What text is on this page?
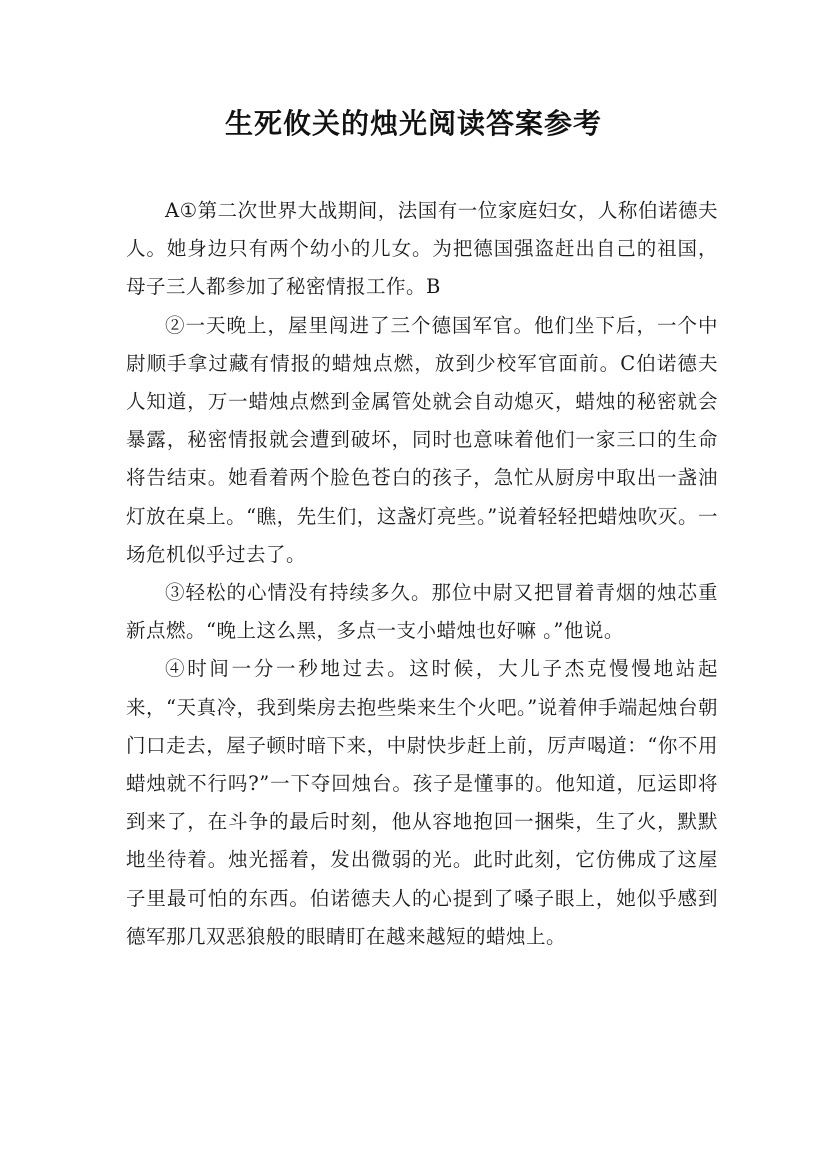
生死攸关的烛光阅读答案参考

A①第二次世界大战期间，法国有一位家庭妇女，人称伯诺德夫人。她身边只有两个幼小的儿女。为把德国强盗赶出自己的祖国，母子三人都参加了秘密情报工作。B

②一天晚上，屋里闯进了三个德国军官。他们坐下后，一个中尉顺手拿过藏有情报的蜡烛点燃，放到少校军官面前。C伯诺德夫人知道，万一蜡烛点燃到金属管处就会自动熄灭，蜡烛的秘密就会暴露，秘密情报就会遭到破坏，同时也意味着他们一家三口的生命将告结束。她看着两个脸色苍白的孩子，急忙从厨房中取出一盏油灯放在桌上。“瞧，先生们，这盏灯亮些。”说着轻轻把蜡烛吹灭。一场危机似乎过去了。

③轻松的心情没有持续多久。那位中尉又把冒着青烟的烛芯重新点燃。“晚上这么黑，多点一支小蜡烛也好嘛 。”他说。

④时间一分一秒地过去。这时候，大儿子杰克慢慢地站起来，“天真冷，我到柴房去抱些柴来生个火吧。”说着伸手端起烛台朝门口走去，屋子顿时暗下来，中尉快步赶上前，厉声喝道：“你不用蜡烛就不行吗?”一下夺回烛台。孩子是懂事的。他知道，厄运即将到来了，在斗争的最后时刻，他从容地抱回一捆柴，生了火，默默地坐待着。烛光摇着，发出微弱的光。此时此刻，它仿佛成了这屋子里最可怕的东西。伯诺德夫人的心提到了嗓子眼上，她似乎感到德军那几双恶狼般的眼睛盯在越来越短的蜡烛上。
